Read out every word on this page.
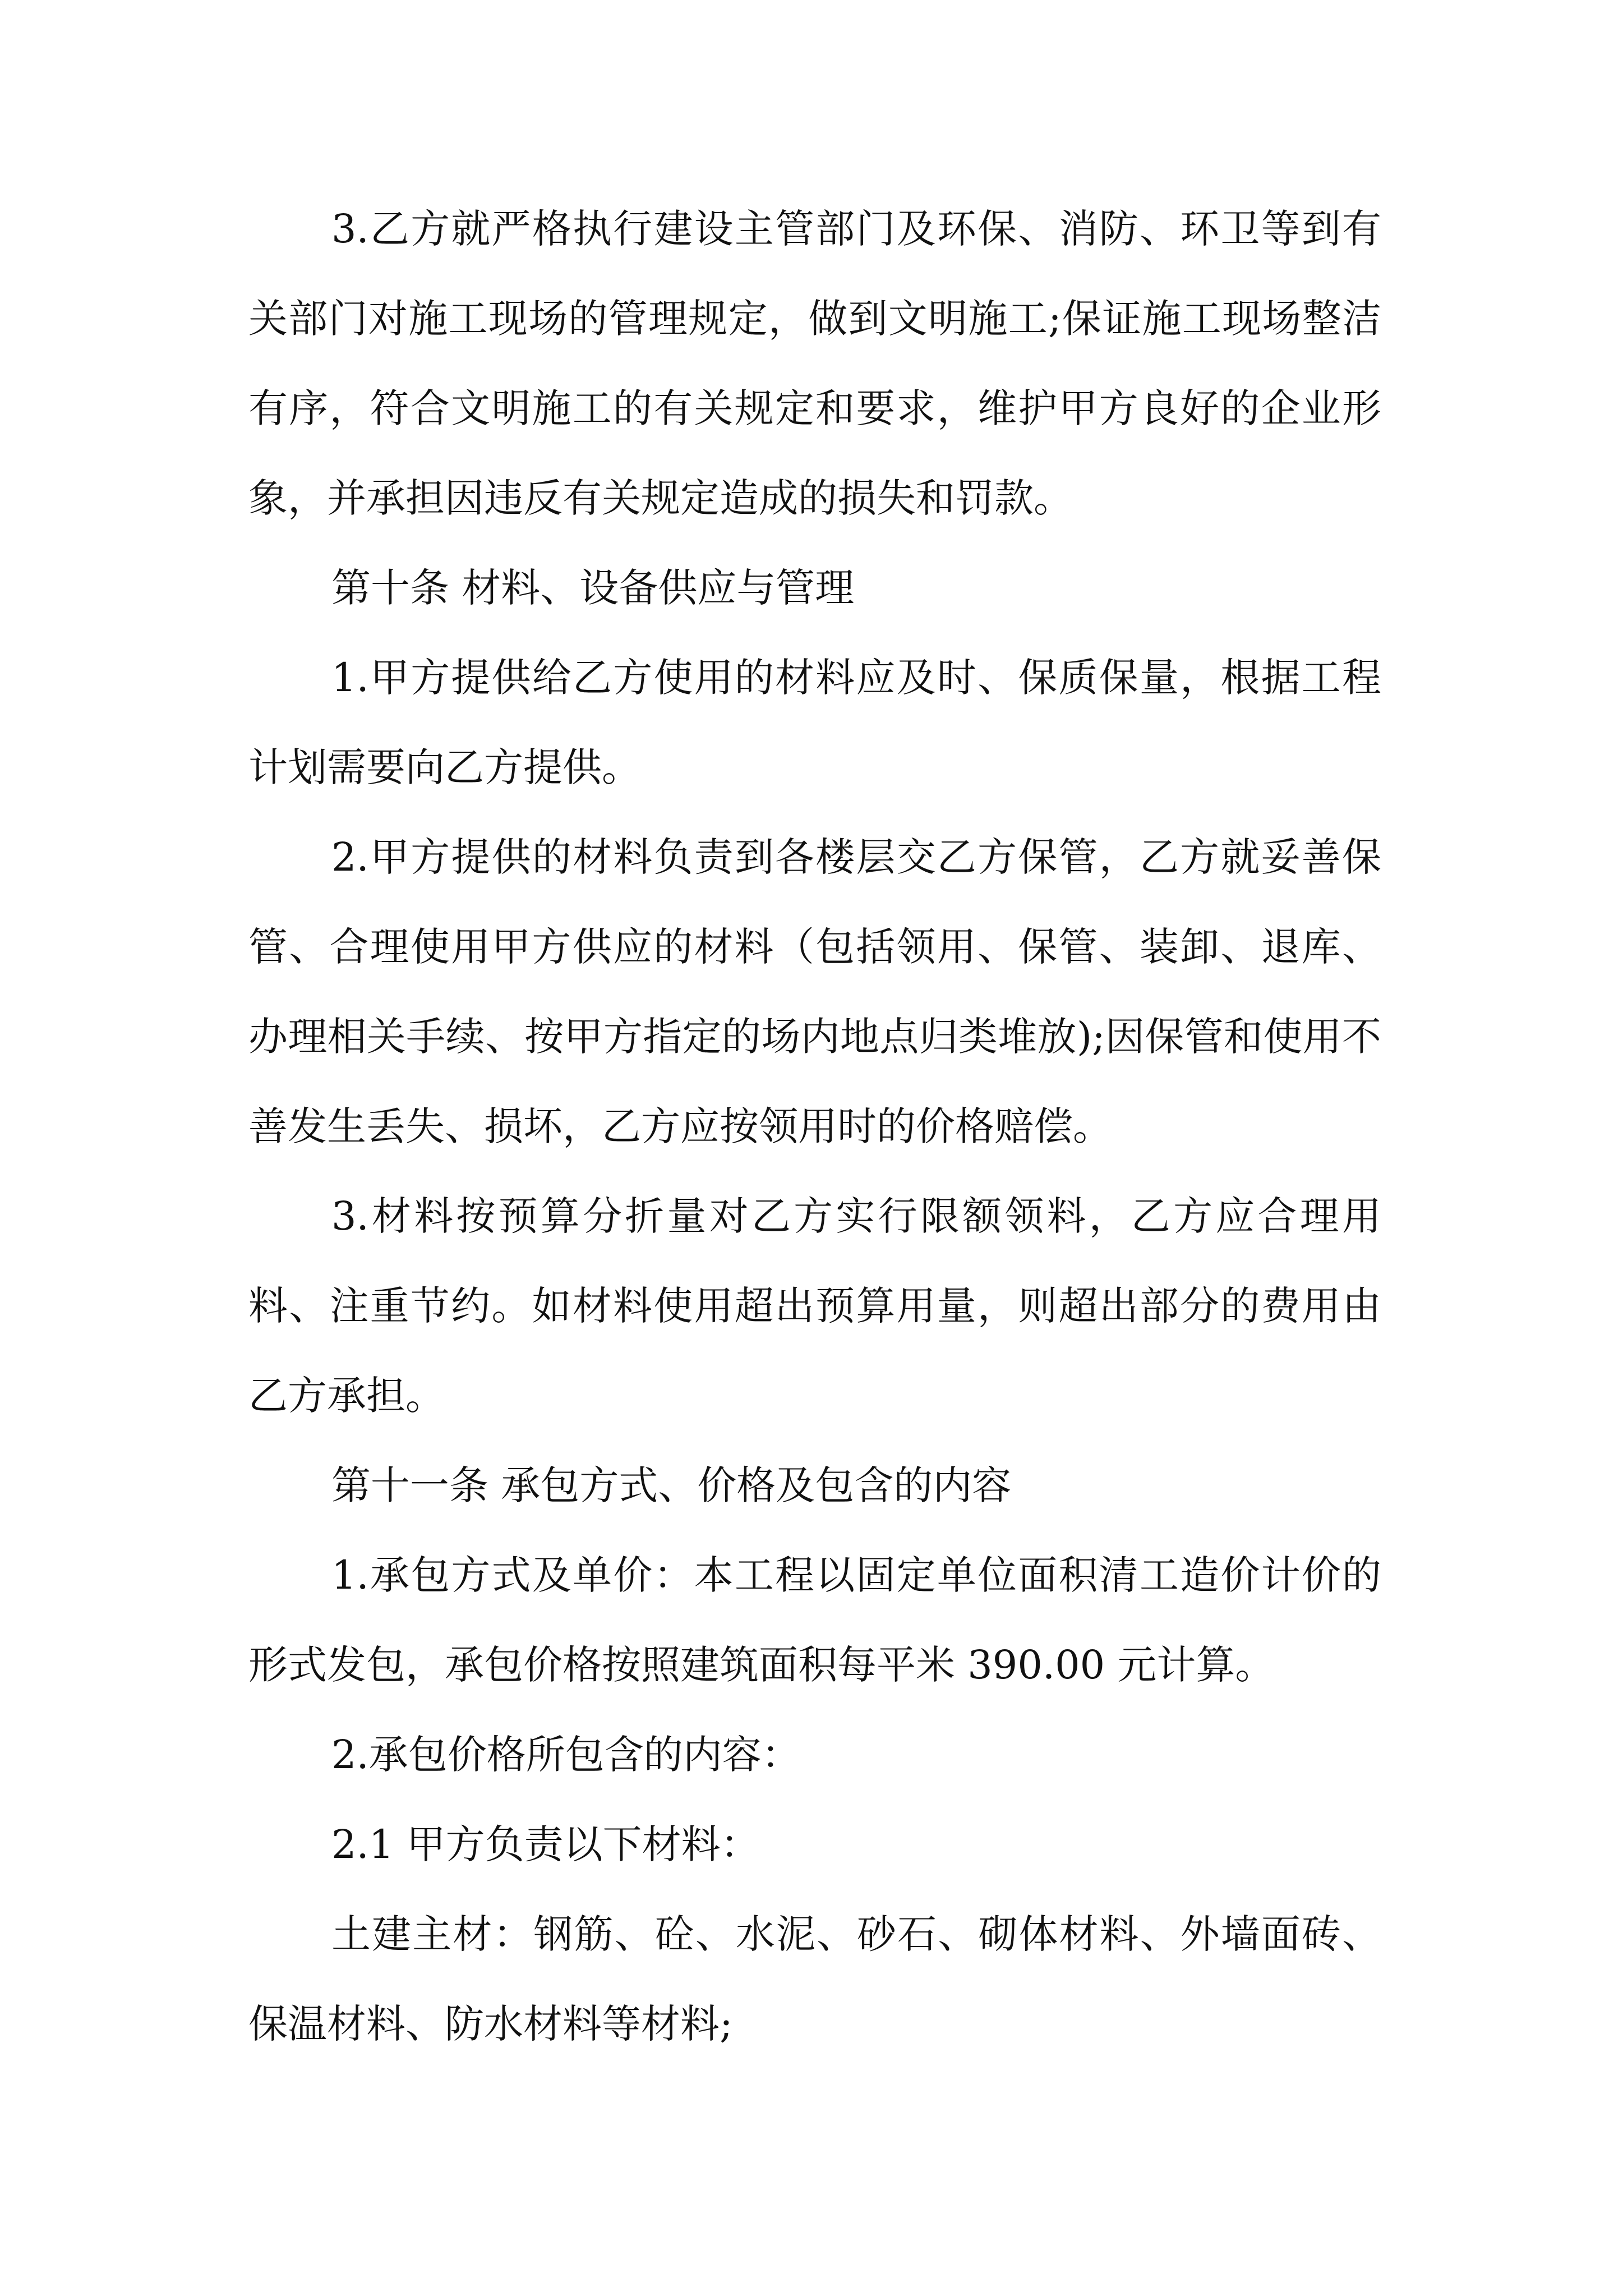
3.乙方就严格执行建设主管部门及环保、消防、环卫等到有关部门对施工现场的管理规定，做到文明施工;保证施工现场整洁有序，符合文明施工的有关规定和要求，维护甲方良好的企业形象，并承担因违反有关规定造成的损失和罚款。

第十条 材料、设备供应与管理

1.甲方提供给乙方使用的材料应及时、保质保量，根据工程计划需要向乙方提供。

2.甲方提供的材料负责到各楼层交乙方保管，乙方就妥善保管、合理使用甲方供应的材料（包括领用、保管、装卸、退库、办理相关手续、按甲方指定的场内地点归类堆放);因保管和使用不善发生丢失、损坏，乙方应按领用时的价格赔偿。

3.材料按预算分折量对乙方实行限额领料，乙方应合理用料、注重节约。如材料使用超出预算用量，则超出部分的费用由乙方承担。

第十一条 承包方式、价格及包含的内容

1.承包方式及单价：本工程以固定单位面积清工造价计价的形式发包，承包价格按照建筑面积每平米 390.00 元计算。

2.承包价格所包含的内容：

2.1 甲方负责以下材料：

土建主材：钢筋、砼、水泥、砂石、砌体材料、外墙面砖、保温材料、防水材料等材料;
